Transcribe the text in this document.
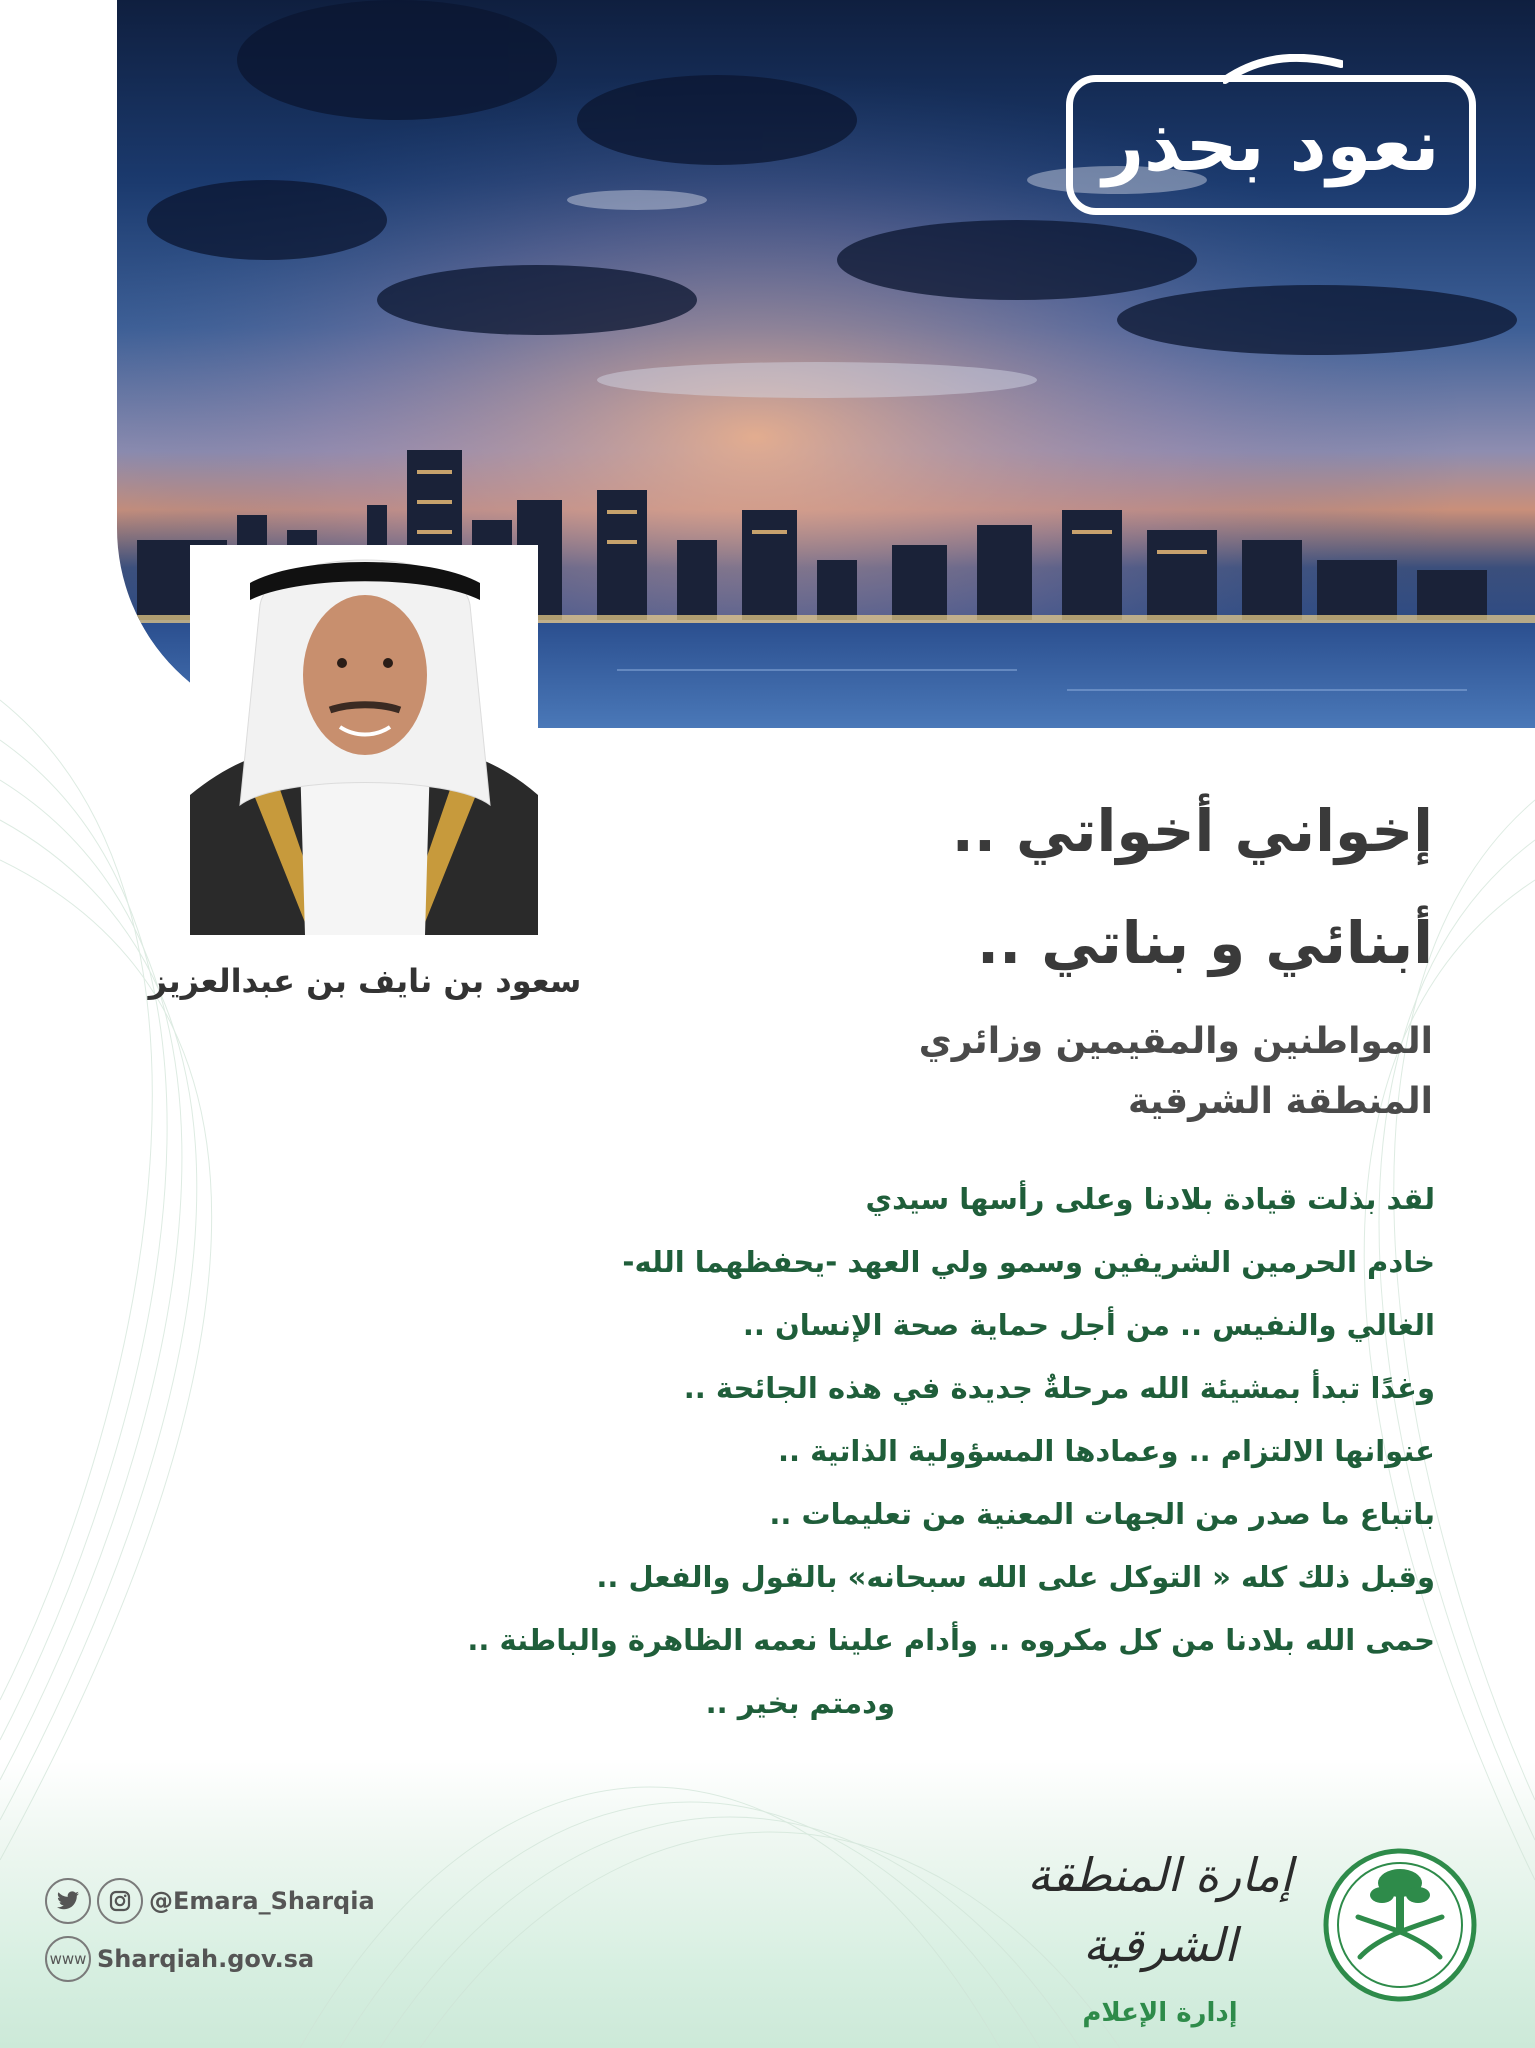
نعود بحذر
سعود بن نايف بن عبدالعزيز
إخواني أخواتي ..
أبنائي و بناتي ..
المواطنين والمقيمين وزائري
المنطقة الشرقية
لقد بذلت قيادة بلادنا وعلى رأسها سيدي
خادم الحرمين الشريفين وسمو ولي العهد -يحفظهما الله-
الغالي والنفيس .. من أجل حماية صحة الإنسان ..
وغدًا تبدأ بمشيئة الله مرحلةٌ جديدة في هذه الجائحة ..
عنوانها الالتزام .. وعمادها المسؤولية الذاتية ..
باتباع ما صدر من الجهات المعنية من تعليمات ..
وقبل ذلك كله « التوكل على الله سبحانه» بالقول والفعل ..
حمى الله بلادنا من كل مكروه .. وأدام علينا نعمه الظاهرة والباطنة ..
ودمتم بخير ..
@Emara_Sharqia
www Sharqiah.gov.sa
إمارة المنطقة الشرقية
إدارة الإعلام
